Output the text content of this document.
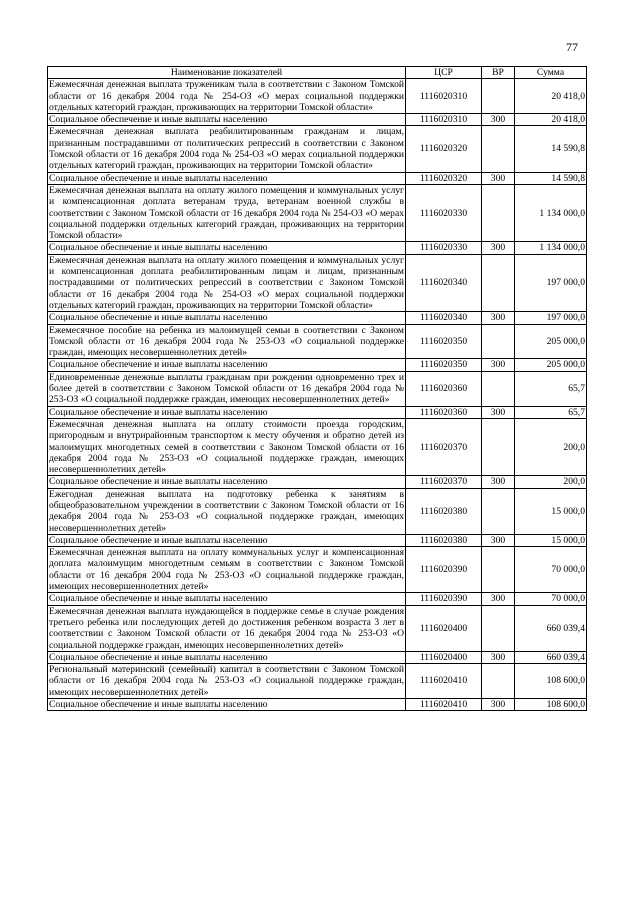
77
Наименование показателей	ЦСР	ВР	Сумма
Ежемесячная денежная выплата труженикам тыла в соответствии с Законом Томской области от 16 декабря 2004 года № 254-ОЗ «О мерах социальной поддержки отдельных категорий граждан, проживающих на территории Томской области»	1116020310		20 418,0
Социальное обеспечение и иные выплаты населению	1116020310	300	20 418,0
Ежемесячная денежная выплата реабилитированным гражданам и лицам, признанным пострадавшими от политических репрессий в соответствии с Законом Томской области от 16 декабря 2004 года № 254-ОЗ «О мерах социальной поддержки отдельных категорий граждан, проживающих на территории Томской области»	1116020320		14 590,8
Социальное обеспечение и иные выплаты населению	1116020320	300	14 590,8
Ежемесячная денежная выплата на оплату жилого помещения и коммунальных услуг и компенсационная доплата ветеранам труда, ветеранам военной службы в соответствии с Законом Томской области от 16 декабря 2004 года № 254-ОЗ «О мерах социальной поддержки отдельных категорий граждан, проживающих на территории Томской области»	1116020330		1 134 000,0
Социальное обеспечение и иные выплаты населению	1116020330	300	1 134 000,0
Ежемесячная денежная выплата на оплату жилого помещения и коммунальных услуг и компенсационная доплата реабилитированным лицам и лицам, признанным пострадавшими от политических репрессий в соответствии с Законом Томской области от 16 декабря 2004 года № 254-ОЗ «О мерах социальной поддержки отдельных категорий граждан, проживающих на территории Томской области»	1116020340		197 000,0
Социальное обеспечение и иные выплаты населению	1116020340	300	197 000,0
Ежемесячное пособие на ребенка из малоимущей семьи в соответствии с Законом Томской области от 16 декабря 2004 года № 253-ОЗ «О социальной поддержке граждан, имеющих несовершеннолетних детей»	1116020350		205 000,0
Социальное обеспечение и иные выплаты населению	1116020350	300	205 000,0
Единовременные денежные выплаты гражданам при рождении одновременно трех и более детей в соответствии с Законом Томской области от 16 декабря 2004 года № 253-ОЗ «О социальной поддержке граждан, имеющих несовершеннолетних детей»	1116020360		65,7
Социальное обеспечение и иные выплаты населению	1116020360	300	65,7
Ежемесячная денежная выплата на оплату стоимости проезда городским, пригородным и внутрирайонным транспортом к месту обучения и обратно детей из малоимущих многодетных семей в соответствии с Законом Томской области от 16 декабря 2004 года № 253-ОЗ «О социальной поддержке граждан, имеющих несовершеннолетних детей»	1116020370		200,0
Социальное обеспечение и иные выплаты населению	1116020370	300	200,0
Ежегодная денежная выплата на подготовку ребенка к занятиям в общеобразовательном учреждении в соответствии с Законом Томской области от 16 декабря 2004 года № 253-ОЗ «О социальной поддержке граждан, имеющих несовершеннолетних детей»	1116020380		15 000,0
Социальное обеспечение и иные выплаты населению	1116020380	300	15 000,0
Ежемесячная денежная выплата на оплату коммунальных услуг и компенсационная доплата малоимущим многодетным семьям в соответствии с Законом Томской области от 16 декабря 2004 года № 253-ОЗ «О социальной поддержке граждан, имеющих несовершеннолетних детей»	1116020390		70 000,0
Социальное обеспечение и иные выплаты населению	1116020390	300	70 000,0
Ежемесячная денежная выплата нуждающейся в поддержке семье в случае рождения третьего ребенка или последующих детей до достижения ребенком возраста 3 лет в соответствии с Законом Томской области от 16 декабря 2004 года № 253-ОЗ «О социальной поддержке граждан, имеющих несовершеннолетних детей»	1116020400		660 039,4
Социальное обеспечение и иные выплаты населению	1116020400	300	660 039,4
Региональный материнский (семейный) капитал в соответствии с Законом Томской области от 16 декабря 2004 года № 253-ОЗ «О социальной поддержке граждан, имеющих несовершеннолетних детей»	1116020410		108 600,0
Социальное обеспечение и иные выплаты населению	1116020410	300	108 600,0
